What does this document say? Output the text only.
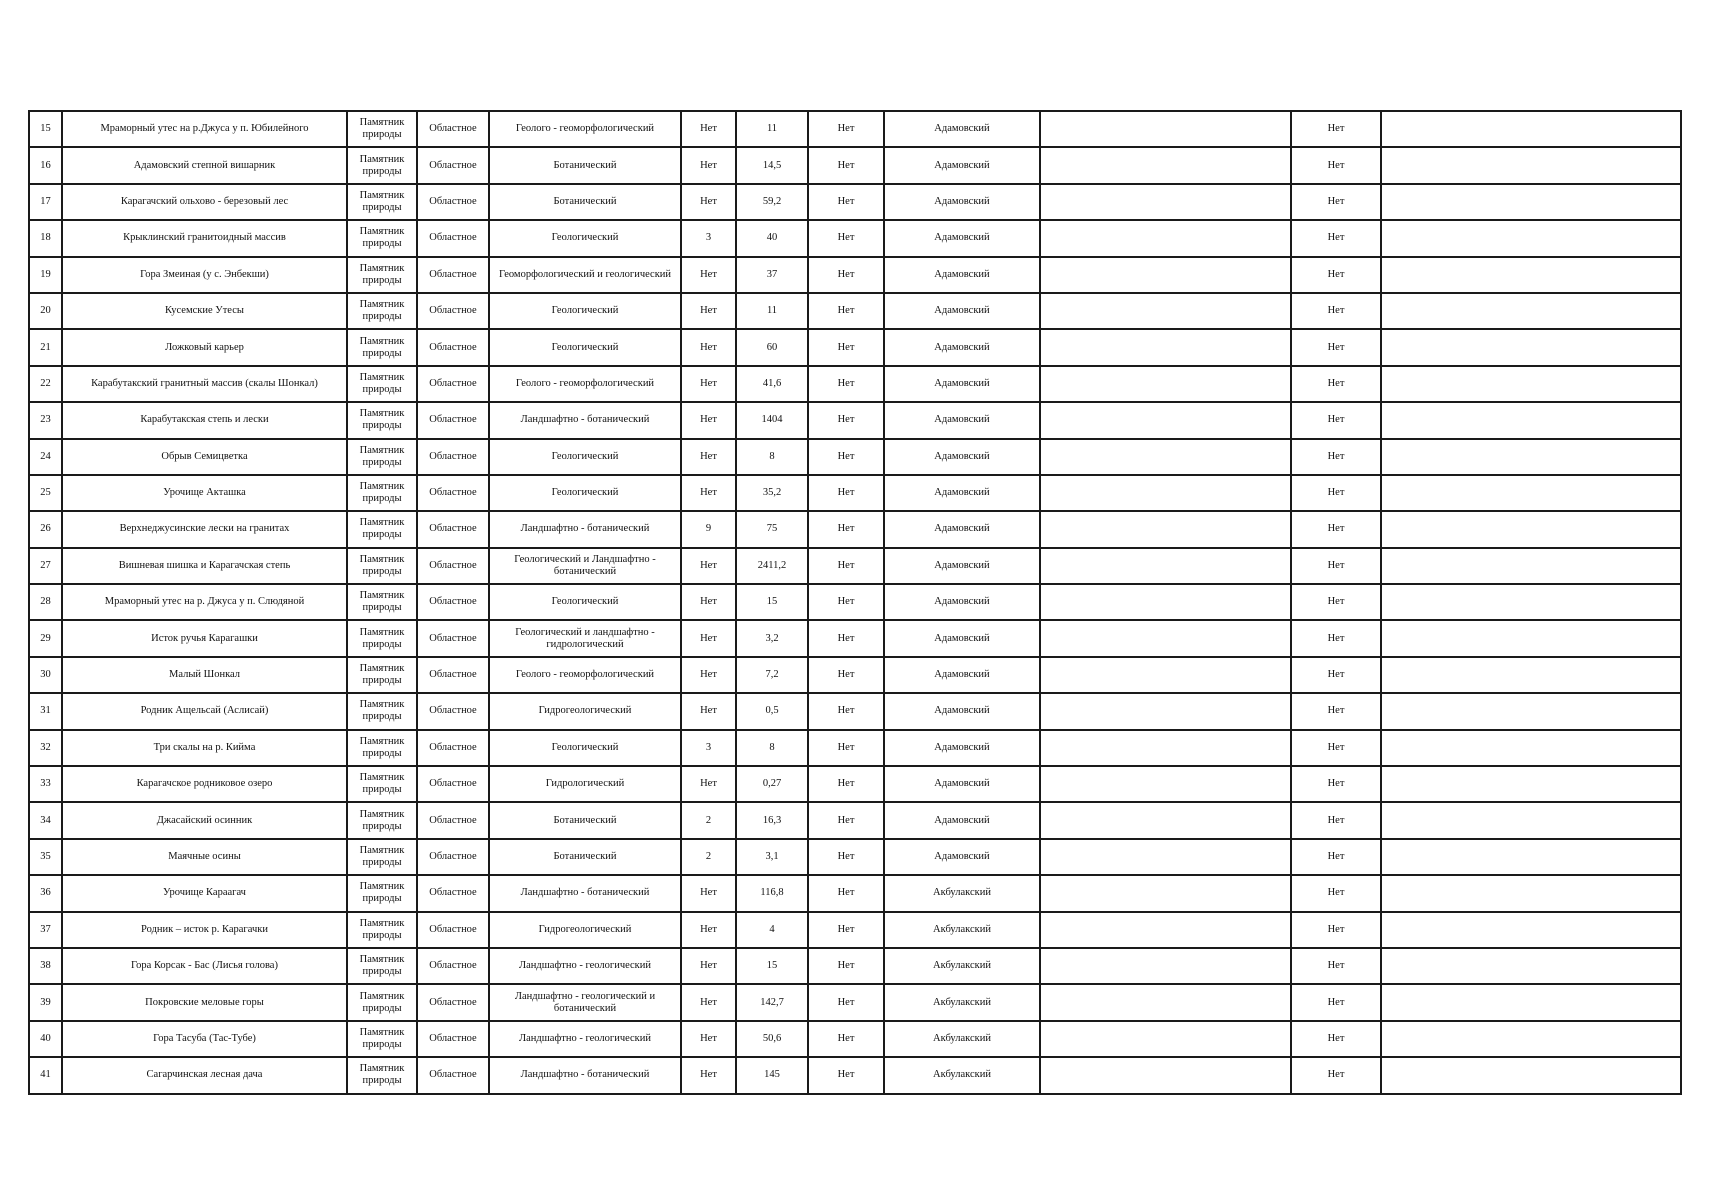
15	Мраморный утес на р.Джуса у п. Юбилейного	Памятник природы	Областное	Геолого - геоморфологический	Нет	11	Нет	Адамовский		Нет	
16	Адамовский степной вишарник	Памятник природы	Областное	Ботанический	Нет	14,5	Нет	Адамовский		Нет	
17	Карагачский ольхово - березовый лес	Памятник природы	Областное	Ботанический	Нет	59,2	Нет	Адамовский		Нет	
18	Крыклинский гранитоидный массив	Памятник природы	Областное	Геологический	3	40	Нет	Адамовский		Нет	
19	Гора Змеиная (у с. Энбекши)	Памятник природы	Областное	Геоморфологический и геологический	Нет	37	Нет	Адамовский		Нет	
20	Кусемские Утесы	Памятник природы	Областное	Геологический	Нет	11	Нет	Адамовский		Нет	
21	Ложковый карьер	Памятник природы	Областное	Геологический	Нет	60	Нет	Адамовский		Нет	
22	Карабутакский гранитный массив (скалы Шонкал)	Памятник природы	Областное	Геолого - геоморфологический	Нет	41,6	Нет	Адамовский		Нет	
23	Карабутакская степь и лески	Памятник природы	Областное	Ландшафтно - ботанический	Нет	1404	Нет	Адамовский		Нет	
24	Обрыв Семицветка	Памятник природы	Областное	Геологический	Нет	8	Нет	Адамовский		Нет	
25	Урочище Акташка	Памятник природы	Областное	Геологический	Нет	35,2	Нет	Адамовский		Нет	
26	Верхнеджусинские лески на гранитах	Памятник природы	Областное	Ландшафтно - ботанический	9	75	Нет	Адамовский		Нет	
27	Вишневая шишка и Карагачская степь	Памятник природы	Областное	Геологический и Ландшафтно - ботанический	Нет	2411,2	Нет	Адамовский		Нет	
28	Мраморный утес на р. Джуса у п. Слюдяной	Памятник природы	Областное	Геологический	Нет	15	Нет	Адамовский		Нет	
29	Исток ручья Карагашки	Памятник природы	Областное	Геологический и ландшафтно - гидрологический	Нет	3,2	Нет	Адамовский		Нет	
30	Малый Шонкал	Памятник природы	Областное	Геолого - геоморфологический	Нет	7,2	Нет	Адамовский		Нет	
31	Родник Ащельсай (Аслисай)	Памятник природы	Областное	Гидрогеологический	Нет	0,5	Нет	Адамовский		Нет	
32	Три скалы на р. Киймa	Памятник природы	Областное	Геологический	3	8	Нет	Адамовский		Нет	
33	Карагачское родниковое озеро	Памятник природы	Областное	Гидрологический	Нет	0,27	Нет	Адамовский		Нет	
34	Джасайский осинник	Памятник природы	Областное	Ботанический	2	16,3	Нет	Адамовский		Нет	
35	Маячные осины	Памятник природы	Областное	Ботанический	2	3,1	Нет	Адамовский		Нет	
36	Урочище Караагач	Памятник природы	Областное	Ландшафтно - ботанический	Нет	116,8	Нет	Акбулакский		Нет	
37	Родник – исток р. Карагачки	Памятник природы	Областное	Гидрогеологический	Нет	4	Нет	Акбулакский		Нет	
38	Гора Корсак - Бас (Лисья голова)	Памятник природы	Областное	Ландшафтно - геологический	Нет	15	Нет	Акбулакский		Нет	
39	Покровские меловые горы	Памятник природы	Областное	Ландшафтно - геологический и ботанический	Нет	142,7	Нет	Акбулакский		Нет	
40	Гора Тасуба (Тас-Тубе)	Памятник природы	Областное	Ландшафтно - геологический	Нет	50,6	Нет	Акбулакский		Нет	
41	Сагарчинская лесная дача	Памятник природы	Областное	Ландшафтно - ботанический	Нет	145	Нет	Акбулакский		Нет	
